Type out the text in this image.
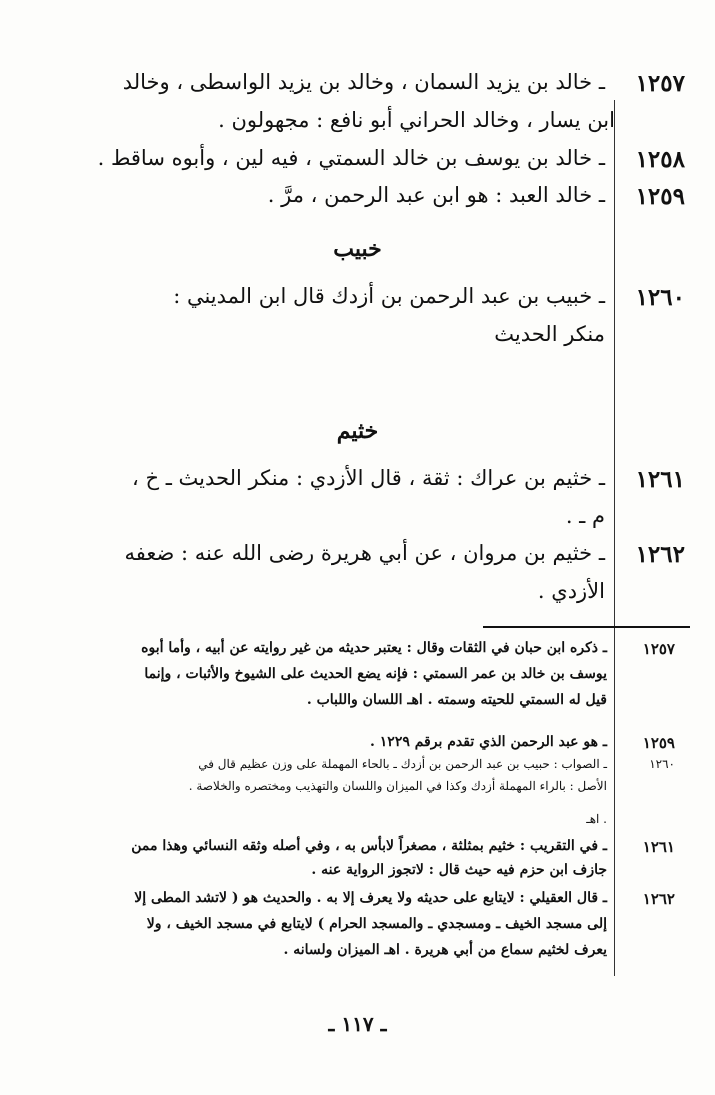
١٢٥٧
ـ خالد بن يزيد السمان ، وخالد بن يزيد الواسطى ، وخالد
ابن يسار ، وخالد الحراني أبو نافع : مجهولون .
١٢٥٨
ـ خالد بن يوسف بن خالد السمتي ، فيه لين ، وأبوه ساقط .
١٢٥٩
ـ خالد العبد : هو ابن عبد الرحمن ، مرَّ .
خبيب
١٢٦٠
ـ خبيب بن عبد الرحمن بن أزدك قال ابن المديني :
منكر الحديث
خثيم
١٢٦١
ـ خثيم بن عراك : ثقة ، قال الأزدي : منكر الحديث ـ خ ،
م ـ .
١٢٦٢
ـ خثيم بن مروان ، عن أبي هريرة رضى الله عنه : ضعفه
الأزدي .
١٢٥٧
ـ ذكره ابن حبان في الثقات وقال : يعتبر حديثه من غير روايته عن أبيه ، وأما أبوه
يوسف بن خالد بن عمر السمتي : فإنه يضع الحديث على الشيوخ والأثبات ، وإنما
قيل له السمتي للحيته وسمته . اهـ اللسان واللباب .
١٢٥٩
ـ هو عبد الرحمن الذي تقدم برقم ١٢٢٩ .
١٢٦٠
ـ الصواب : حبيب بن عبد الرحمن بن أزدك ـ بالحاء المهملة على وزن عظيم قال في
الأصل : بالراء المهملة أزدك وكذا في الميزان واللسان والتهذيب ومختصره والخلاصة .
. اهـ
١٢٦١
ـ في التقريب : خثيم بمثلثة ، مصغراً لابأس به ، وفي أصله وثقه النسائي وهذا ممن
جازف ابن حزم فيه حيث قال : لاتجوز الرواية عنه .
١٢٦٢
ـ قال العقيلي : لايتابع على حديثه ولا يعرف إلا به . والحديث هو ( لاتشد المطى إلا
إلى مسجد الخيف ـ ومسجدي ـ والمسجد الحرام ) لايتابع في مسجد الخيف ، ولا
يعرف لخثيم سماع من أبي هريرة . اهـ الميزان ولسانه .
ـ ١١٧ ـ
